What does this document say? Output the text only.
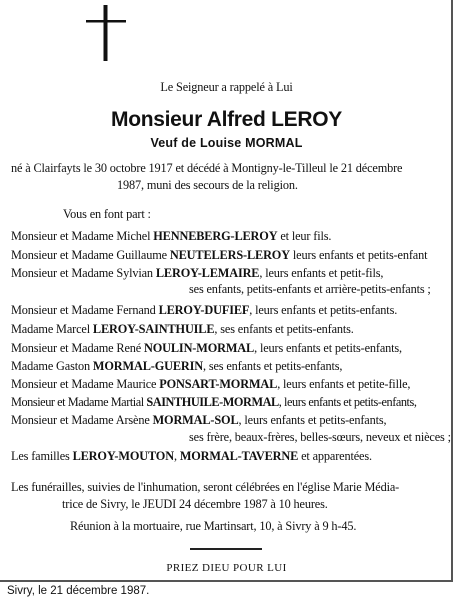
Le Seigneur a rappelé à Lui
Monsieur Alfred LEROY
Veuf de Louise MORMAL
né à Clairfayts le 30 octobre 1917 et décédé à Montigny-le-Tilleul le 21 décembre
1987, muni des secours de la religion.
Vous en font part :
Monsieur et Madame Michel HENNEBERG-LEROY et leur fils.
Monsieur et Madame Guillaume NEUTELERS-LEROY leurs enfants et petits-enfant
Monsieur et Madame Sylvian LEROY-LEMAIRE, leurs enfants et petit-fils,
ses enfants, petits-enfants et arrière-petits-enfants ;
Monsieur et Madame Fernand LEROY-DUFIEF, leurs enfants et petits-enfants.
Madame Marcel LEROY-SAINTHUILE, ses enfants et petits-enfants.
Monsieur et Madame René NOULIN-MORMAL, leurs enfants et petits-enfants,
Madame Gaston MORMAL-GUERIN, ses enfants et petits-enfants,
Monsieur et Madame Maurice PONSART-MORMAL, leurs enfants et petite-fille,
Monsieur et Madame Martial SAINTHUILE-MORMAL, leurs enfants et petits-enfants,
Monsieur et Madame Arsène MORMAL-SOL, leurs enfants et petits-enfants,
ses frère, beaux-frères, belles-sœurs, neveux et nièces ;
Les familles LEROY-MOUTON, MORMAL-TAVERNE et apparentées.
Les funérailles, suivies de l'inhumation, seront célébrées en l'église Marie Média-
trice de Sivry, le JEUDI 24 décembre 1987 à 10 heures.
Réunion à la mortuaire, rue Martinsart, 10, à Sivry à 9 h-45.
PRIEZ DIEU POUR LUI
Sivry, le 21 décembre 1987.
